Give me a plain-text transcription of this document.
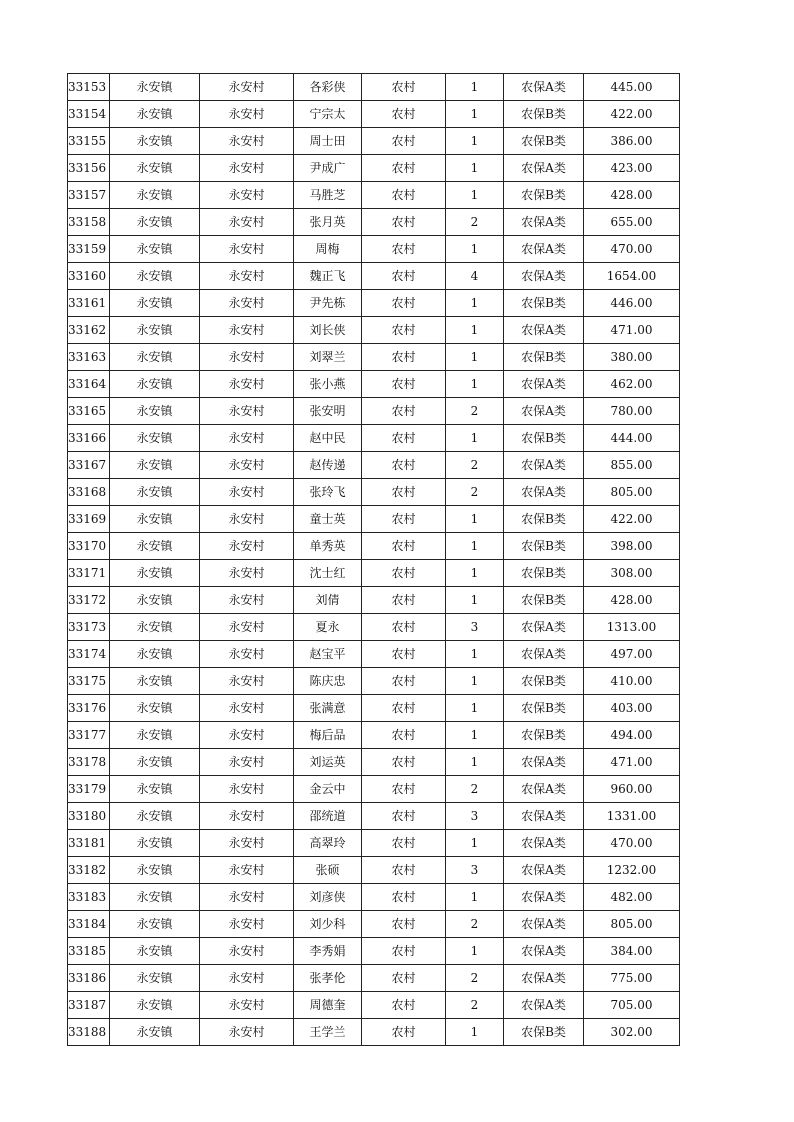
33153	永安镇	永安村	各彩侠	农村	1	农保A类	445.00
33154	永安镇	永安村	宁宗太	农村	1	农保B类	422.00
33155	永安镇	永安村	周士田	农村	1	农保B类	386.00
33156	永安镇	永安村	尹成广	农村	1	农保A类	423.00
33157	永安镇	永安村	马胜芝	农村	1	农保B类	428.00
33158	永安镇	永安村	张月英	农村	2	农保A类	655.00
33159	永安镇	永安村	周梅	农村	1	农保A类	470.00
33160	永安镇	永安村	魏正飞	农村	4	农保A类	1654.00
33161	永安镇	永安村	尹先栋	农村	1	农保B类	446.00
33162	永安镇	永安村	刘长侠	农村	1	农保A类	471.00
33163	永安镇	永安村	刘翠兰	农村	1	农保B类	380.00
33164	永安镇	永安村	张小燕	农村	1	农保A类	462.00
33165	永安镇	永安村	张安明	农村	2	农保A类	780.00
33166	永安镇	永安村	赵中民	农村	1	农保B类	444.00
33167	永安镇	永安村	赵传递	农村	2	农保A类	855.00
33168	永安镇	永安村	张玲飞	农村	2	农保A类	805.00
33169	永安镇	永安村	童士英	农村	1	农保B类	422.00
33170	永安镇	永安村	单秀英	农村	1	农保B类	398.00
33171	永安镇	永安村	沈士红	农村	1	农保B类	308.00
33172	永安镇	永安村	刘倩	农村	1	农保B类	428.00
33173	永安镇	永安村	夏永	农村	3	农保A类	1313.00
33174	永安镇	永安村	赵宝平	农村	1	农保A类	497.00
33175	永安镇	永安村	陈庆忠	农村	1	农保B类	410.00
33176	永安镇	永安村	张满意	农村	1	农保B类	403.00
33177	永安镇	永安村	梅后品	农村	1	农保B类	494.00
33178	永安镇	永安村	刘运英	农村	1	农保A类	471.00
33179	永安镇	永安村	金云中	农村	2	农保A类	960.00
33180	永安镇	永安村	邵统道	农村	3	农保A类	1331.00
33181	永安镇	永安村	高翠玲	农村	1	农保A类	470.00
33182	永安镇	永安村	张硕	农村	3	农保A类	1232.00
33183	永安镇	永安村	刘彦侠	农村	1	农保A类	482.00
33184	永安镇	永安村	刘少科	农村	2	农保A类	805.00
33185	永安镇	永安村	李秀娟	农村	1	农保A类	384.00
33186	永安镇	永安村	张孝伦	农村	2	农保A类	775.00
33187	永安镇	永安村	周德奎	农村	2	农保A类	705.00
33188	永安镇	永安村	王学兰	农村	1	农保B类	302.00
